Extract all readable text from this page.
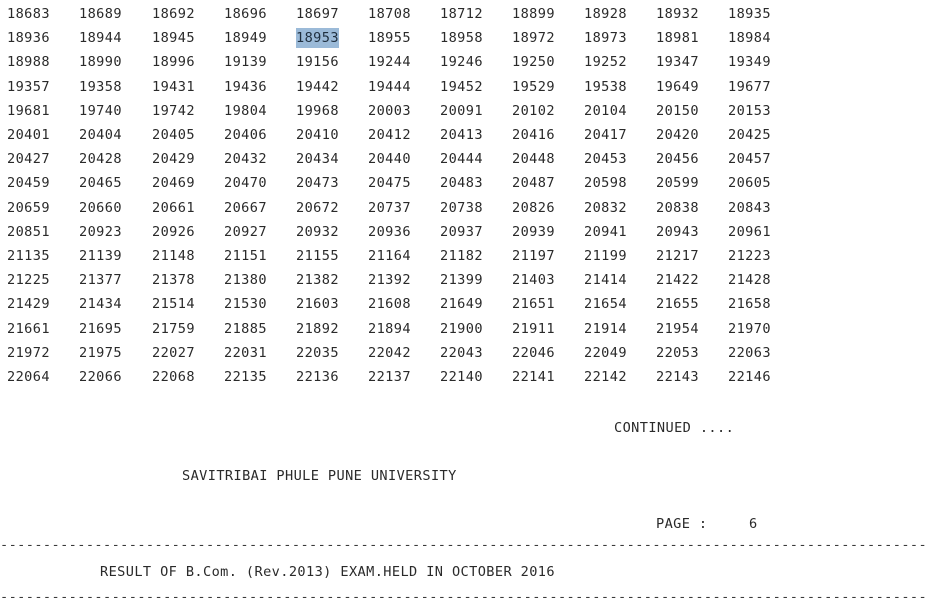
18683 18689 18692 18696 18697 18708 18712 18899 18928 18932 18935
18936 18944 18945 18949 18953 18955 18958 18972 18973 18981 18984
18988 18990 18996 19139 19156 19244 19246 19250 19252 19347 19349
19357 19358 19431 19436 19442 19444 19452 19529 19538 19649 19677
19681 19740 19742 19804 19968 20003 20091 20102 20104 20150 20153
20401 20404 20405 20406 20410 20412 20413 20416 20417 20420 20425
20427 20428 20429 20432 20434 20440 20444 20448 20453 20456 20457
20459 20465 20469 20470 20473 20475 20483 20487 20598 20599 20605
20659 20660 20661 20667 20672 20737 20738 20826 20832 20838 20843
20851 20923 20926 20927 20932 20936 20937 20939 20941 20943 20961
21135 21139 21148 21151 21155 21164 21182 21197 21199 21217 21223
21225 21377 21378 21380 21382 21392 21399 21403 21414 21422 21428
21429 21434 21514 21530 21603 21608 21649 21651 21654 21655 21658
21661 21695 21759 21885 21892 21894 21900 21911 21914 21954 21970
21972 21975 22027 22031 22035 22042 22043 22046 22049 22053 22063
22064 22066 22068 22135 22136 22137 22140 22141 22142 22143 22146
CONTINUED ....
SAVITRIBAI PHULE PUNE UNIVERSITY
PAGE :	6
------------------------------------------------------------------------------------------------------------
RESULT OF B.Com. (Rev.2013) EXAM.HELD IN OCTOBER 2016
------------------------------------------------------------------------------------------------------------
